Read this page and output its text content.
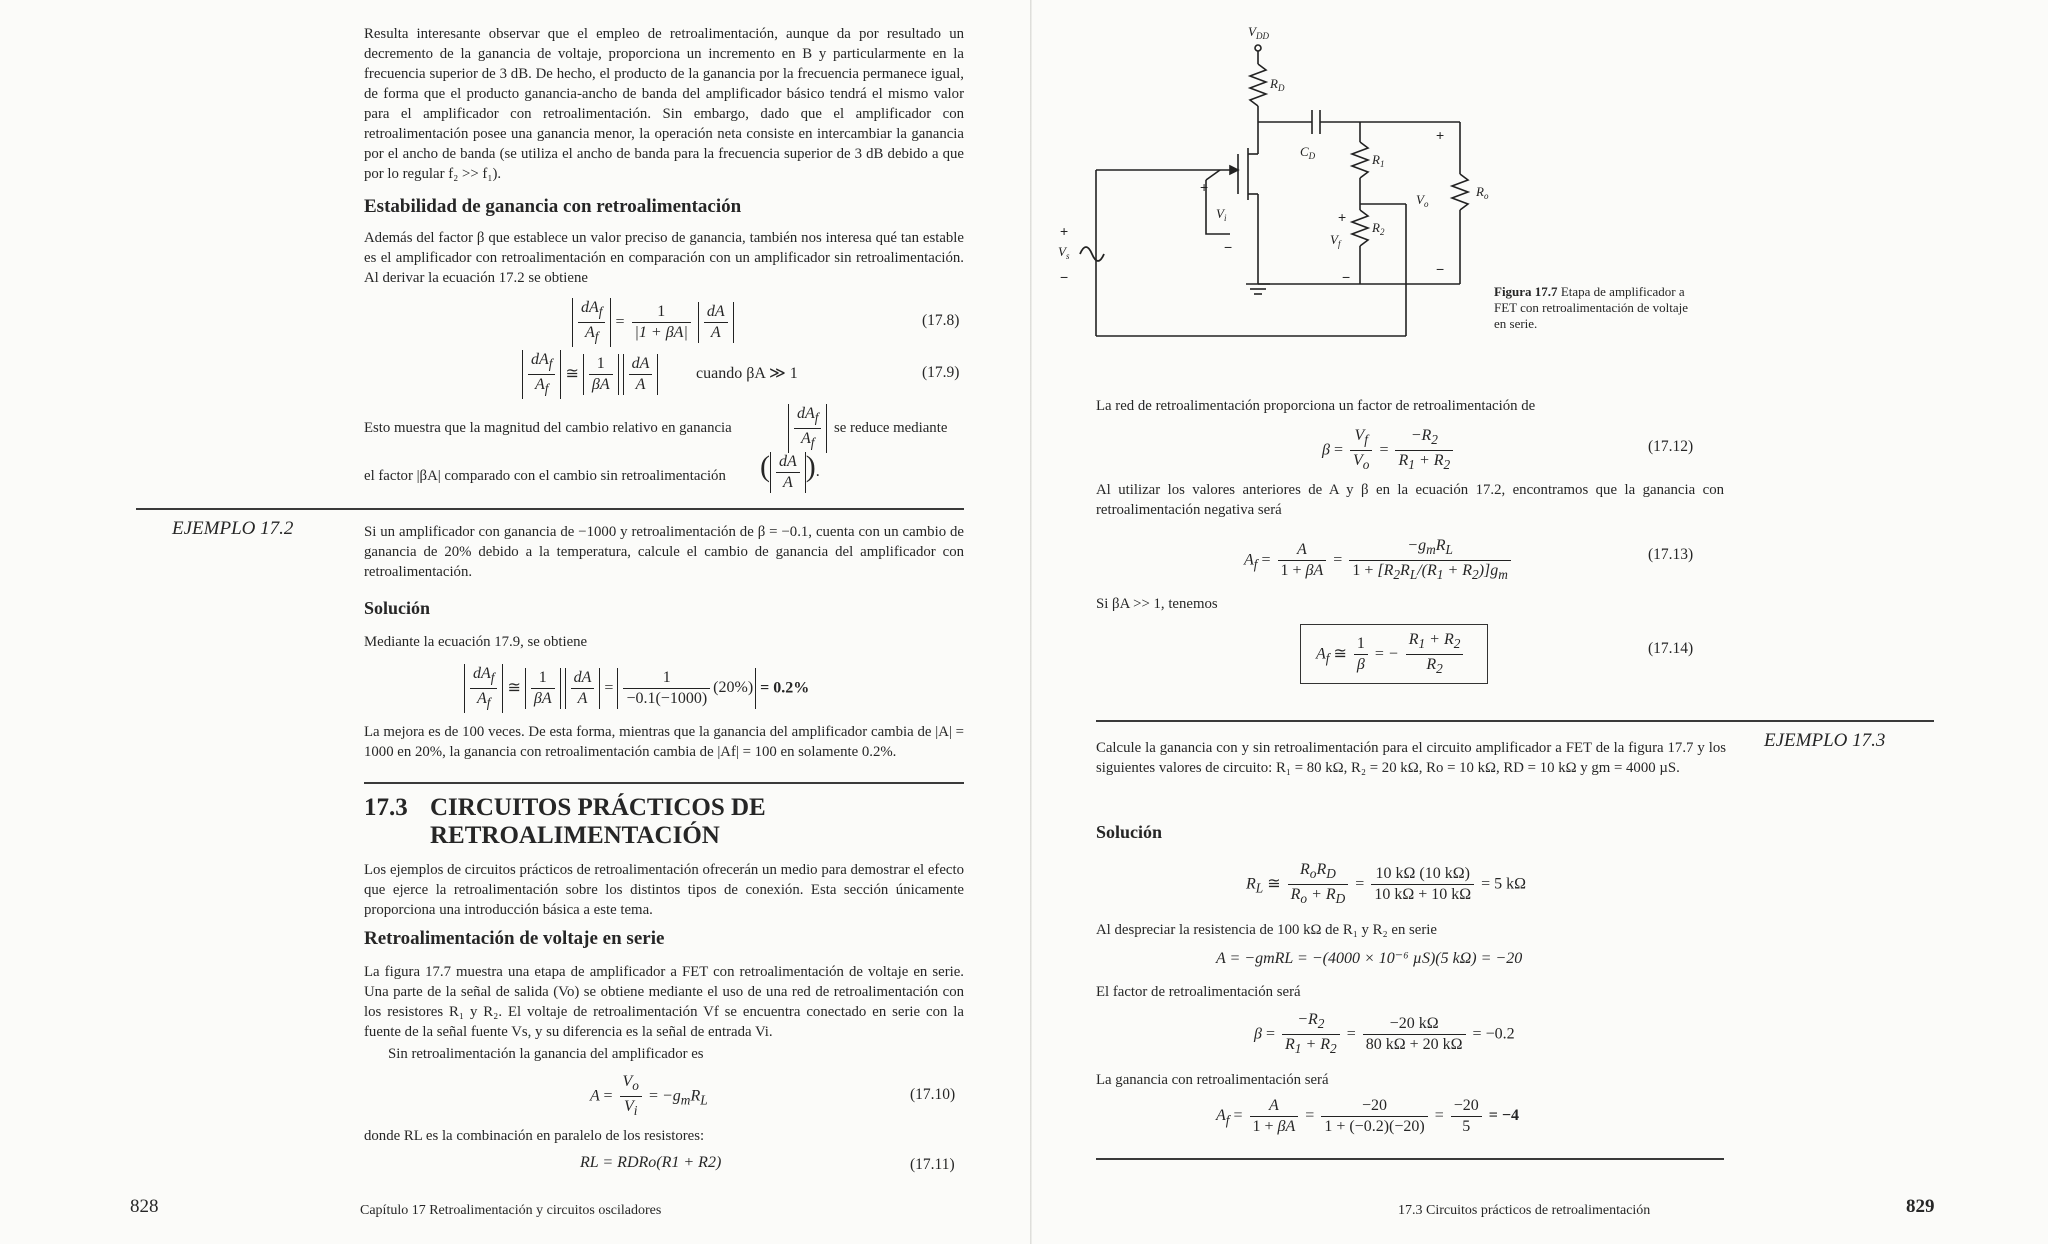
Resulta interesante observar que el empleo de retroalimentación, aunque da por resultado un decremento de la ganancia de voltaje, proporciona un incremento en B y particularmente en la frecuencia superior de 3 dB. De hecho, el producto de la ganancia por la frecuencia permanece igual, de forma que el producto ganancia-ancho de banda del amplificador básico tendrá el mismo valor para el amplificador con retroalimentación. Sin embargo, dado que el amplificador con retroalimentación posee una ganancia menor, la operación neta consiste en intercambiar la ganancia por el ancho de banda (se utiliza el ancho de banda para la frecuencia superior de 3 dB debido a que por lo regular f₂ >> f₁).

Estabilidad de ganancia con retroalimentación

Además del factor β que establece un valor preciso de ganancia, también nos interesa qué tan estable es el amplificador con retroalimentación en comparación con un amplificador sin retroalimentación. Al derivar la ecuación 17.2 se obtiene

$\frac{dA_f}{A_f} = \frac{1}{|1 + \beta A|}$
$\frac{dA}{A}$	(17.8)
$\frac{dA_f}{A_f}$ ≅ $\frac{1}{\beta A}$
$\frac{dA}{A}$	cuando βA ≫ 1	(17.9)
Esto muestra que la magnitud del cambio relativo en ganancia	$\frac{dA_f}{A_f}$ se reduce mediante
el factor |βA| comparado con el cambio sin retroalimentación	( $\frac{dA}{A}$ ).
EJEMPLO 17.2	Si un amplificador con ganancia de −1000 y retroalimentación de β = −0.1, cuenta con un cambio de ganancia de 20% debido a la temperatura, calcule el cambio de ganancia del amplificador con retroalimentación.

Solución
Mediante la ecuación 17.9, se obtiene
$\frac{dA_f}{A_f}$ ≅ $\frac{1}{\beta A}$
$\frac{dA}{A} = \frac{1}{-0.1(-1000)} (20\%) = 0.2\%$

La mejora es de 100 veces. De esta forma, mientras que la ganancia del amplificador cambia de |A| = 1000 en 20%, la ganancia con retroalimentación cambia de |Af| = 100 en solamente 0.2%.

17.3 CIRCUITOS PRÁCTICOS DE
RETROALIMENTACIÓN

Los ejemplos de circuitos prácticos de retroalimentación ofrecerán un medio para demostrar el efecto que ejerce la retroalimentación sobre los distintos tipos de conexión. Esta sección únicamente proporciona una introducción básica a este tema.

Retroalimentación de voltaje en serie

La figura 17.7 muestra una etapa de amplificador a FET con retroalimentación de voltaje en serie. Una parte de la señal de salida (Vo) se obtiene mediante el uso de una red de retroalimentación con los resistores R₁ y R₂. El voltaje de retroalimentación Vf se encuentra conectado en serie con la fuente de la señal fuente Vs, y su diferencia es la señal de entrada Vi.

Sin retroalimentación la ganancia del amplificador es
$A = \frac{V_o}{V_i} = -g_mR_L$	(17.10)
donde RL es la combinación en paralelo de los resistores:
RL = RDRo(R1 + R2)	(17.11)
828	Capítulo 17 Retroalimentación y circuitos osciladores
$V_{DD}$
$R_D$
$C_D$	$R_1$
$R_2$
$R_o$
$V_o$
$V_i$
$V_f$
$V_s$
+
−
+
−
+
−
+
−
Figura 17.7 Etapa de amplificador a FET con retroalimentación de voltaje en serie.
La red de retroalimentación proporciona un factor de retroalimentación de
$\beta = \frac{V_f}{V_o} = \frac{-R_2}{R_1 + R_2}$	(17.12)

Al utilizar los valores anteriores de A y β en la ecuación 17.2, encontramos que la ganancia con retroalimentación negativa será

$A_f = \frac{A}{1 + \beta A} = \frac{-g_mR_L}{1 + [R_2R_L/(R_1 + R_2)]g_m}$	(17.13)
Si βA >> 1, tenemos
$A_f$ ≅ $\frac{1}{\beta}$ = − $\frac{R_1 + R_2}{R_2}$	(17.14)
EJEMPLO 17.3

Calcule la ganancia con y sin retroalimentación para el circuito amplificador a FET de la figura 17.7 y los siguientes valores de circuito: R₁ = 80 kΩ, R₂ = 20 kΩ, Ro = 10 kΩ, RD = 10 kΩ y gm = 4000 µS.

Solución
$R_L$ ≅ $\frac{R_oR_D}{R_o + R_D} = \frac{10 k\Omega (10 k\Omega)}{10 k\Omega + 10 k\Omega} = 5$ kΩ
Al despreciar la resistencia de 100 kΩ de R₁ y R₂ en serie
A = −gmRL = −(4000 × 10⁻⁶ µS)(5 kΩ) = −20
El factor de retroalimentación será
$\beta = \frac{-R_2}{R_1 + R_2} = \frac{-20 k\Omega}{80 k\Omega + 20 k\Omega} = -0.2$
La ganancia con retroalimentación será
$A_f = \frac{A}{1 + \beta A} = \frac{-20}{1 + (-0.2)(-20)} = \frac{-20}{5} = -4$
17.3 Circuitos prácticos de retroalimentación	829
